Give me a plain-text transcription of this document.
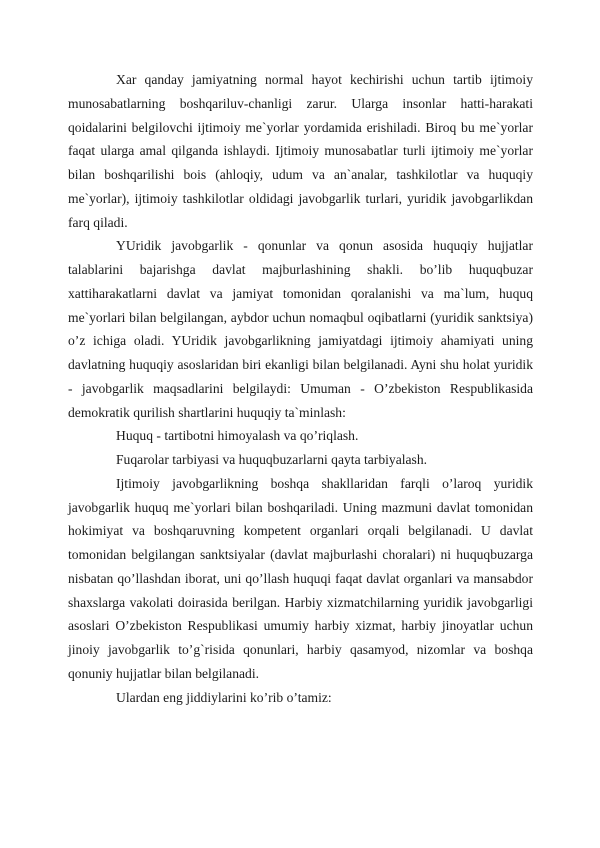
Xar qanday jamiyatning normal hayot kechirishi uchun tartib ijtimoiy munosabatlarning boshqariluv-chanligi zarur. Ularga insonlar hatti-harakati qoidalarini belgilovchi ijtimoiy me`yorlar yordamida erishiladi. Biroq bu me`yorlar faqat ularga amal qilganda ishlaydi. Ijtimoiy munosabatlar turli ijtimoiy me`yorlar bilan boshqarilishi bois (ahloqiy, udum va an`analar, tashkilotlar va huquqiy me`yorlar), ijtimoiy tashkilotlar oldidagi javobgarlik turlari, yuridik javobgarlikdan farq qiladi.

YUridik javobgarlik - qonunlar va qonun asosida huquqiy hujjatlar talablarini bajarishga davlat majburlashining shakli. bo’lib huquqbuzar xattiharakatlarni davlat va jamiyat tomonidan qoralanishi va ma`lum, huquq me`yorlari bilan belgilangan, aybdor uchun nomaqbul oqibatlarni (yuridik sanktsiya) o’z ichiga oladi. YUridik javobgarlikning jamiyatdagi ijtimoiy ahamiyati uning davlatning huquqiy asoslaridan biri ekanligi bilan belgilanadi. Ayni shu holat yuridik - javobgarlik maqsadlarini belgilaydi: Umuman - O’zbekiston Respublikasida demokratik qurilish shartlarini huquqiy ta`minlash:

Huquq - tartibotni himoyalash va qo’riqlash.

Fuqarolar tarbiyasi va huquqbuzarlarni qayta tarbiyalash.

Ijtimoiy javobgarlikning boshqa shakllaridan farqli o’laroq yuridik javobgarlik huquq me`yorlari bilan boshqariladi. Uning mazmuni davlat tomonidan hokimiyat va boshqaruvning kompetent organlari orqali belgilanadi. U davlat tomonidan belgilangan sanktsiyalar (davlat majburlashi choralari) ni huquqbuzarga nisbatan qo’llashdan iborat, uni qo’llash huquqi faqat davlat organlari va mansabdor shaxslarga vakolati doirasida berilgan. Harbiy xizmatchilarning yuridik javobgarligi asoslari O’zbekiston Respublikasi umumiy harbiy xizmat, harbiy jinoyatlar uchun jinoiy javobgarlik to’g`risida qonunlari, harbiy qasamyod, nizomlar va boshqa qonuniy hujjatlar bilan belgilanadi.

Ulardan eng jiddiylarini ko’rib o’tamiz:
